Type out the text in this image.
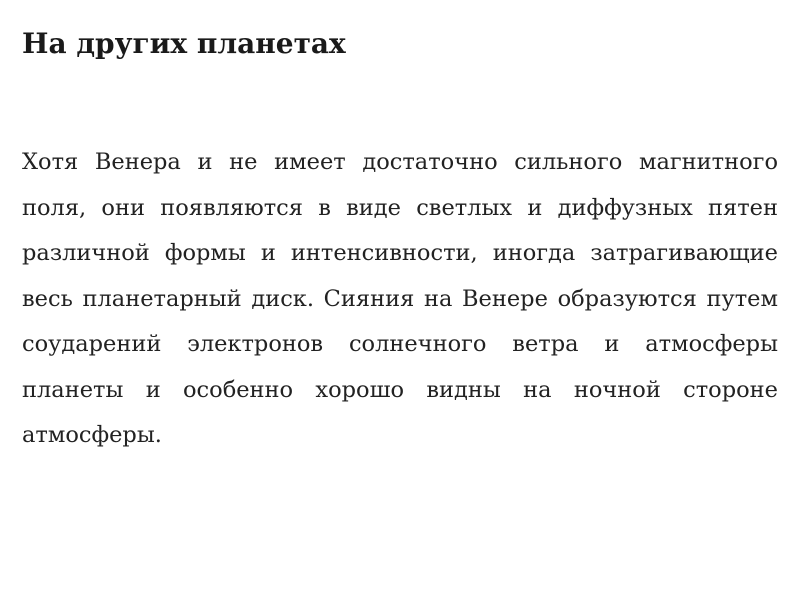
На других планетах

Хотя Венера и не имеет достаточно сильного магнитного поля, они появляются в виде светлых и диффузных пятен различной формы и интенсивности, иногда затрагивающие весь планетарный диск. Сияния на Венере образуются путем соударений электронов солнечного ветра и атмосферы планеты и особенно хорошо видны на ночной стороне атмосферы.
